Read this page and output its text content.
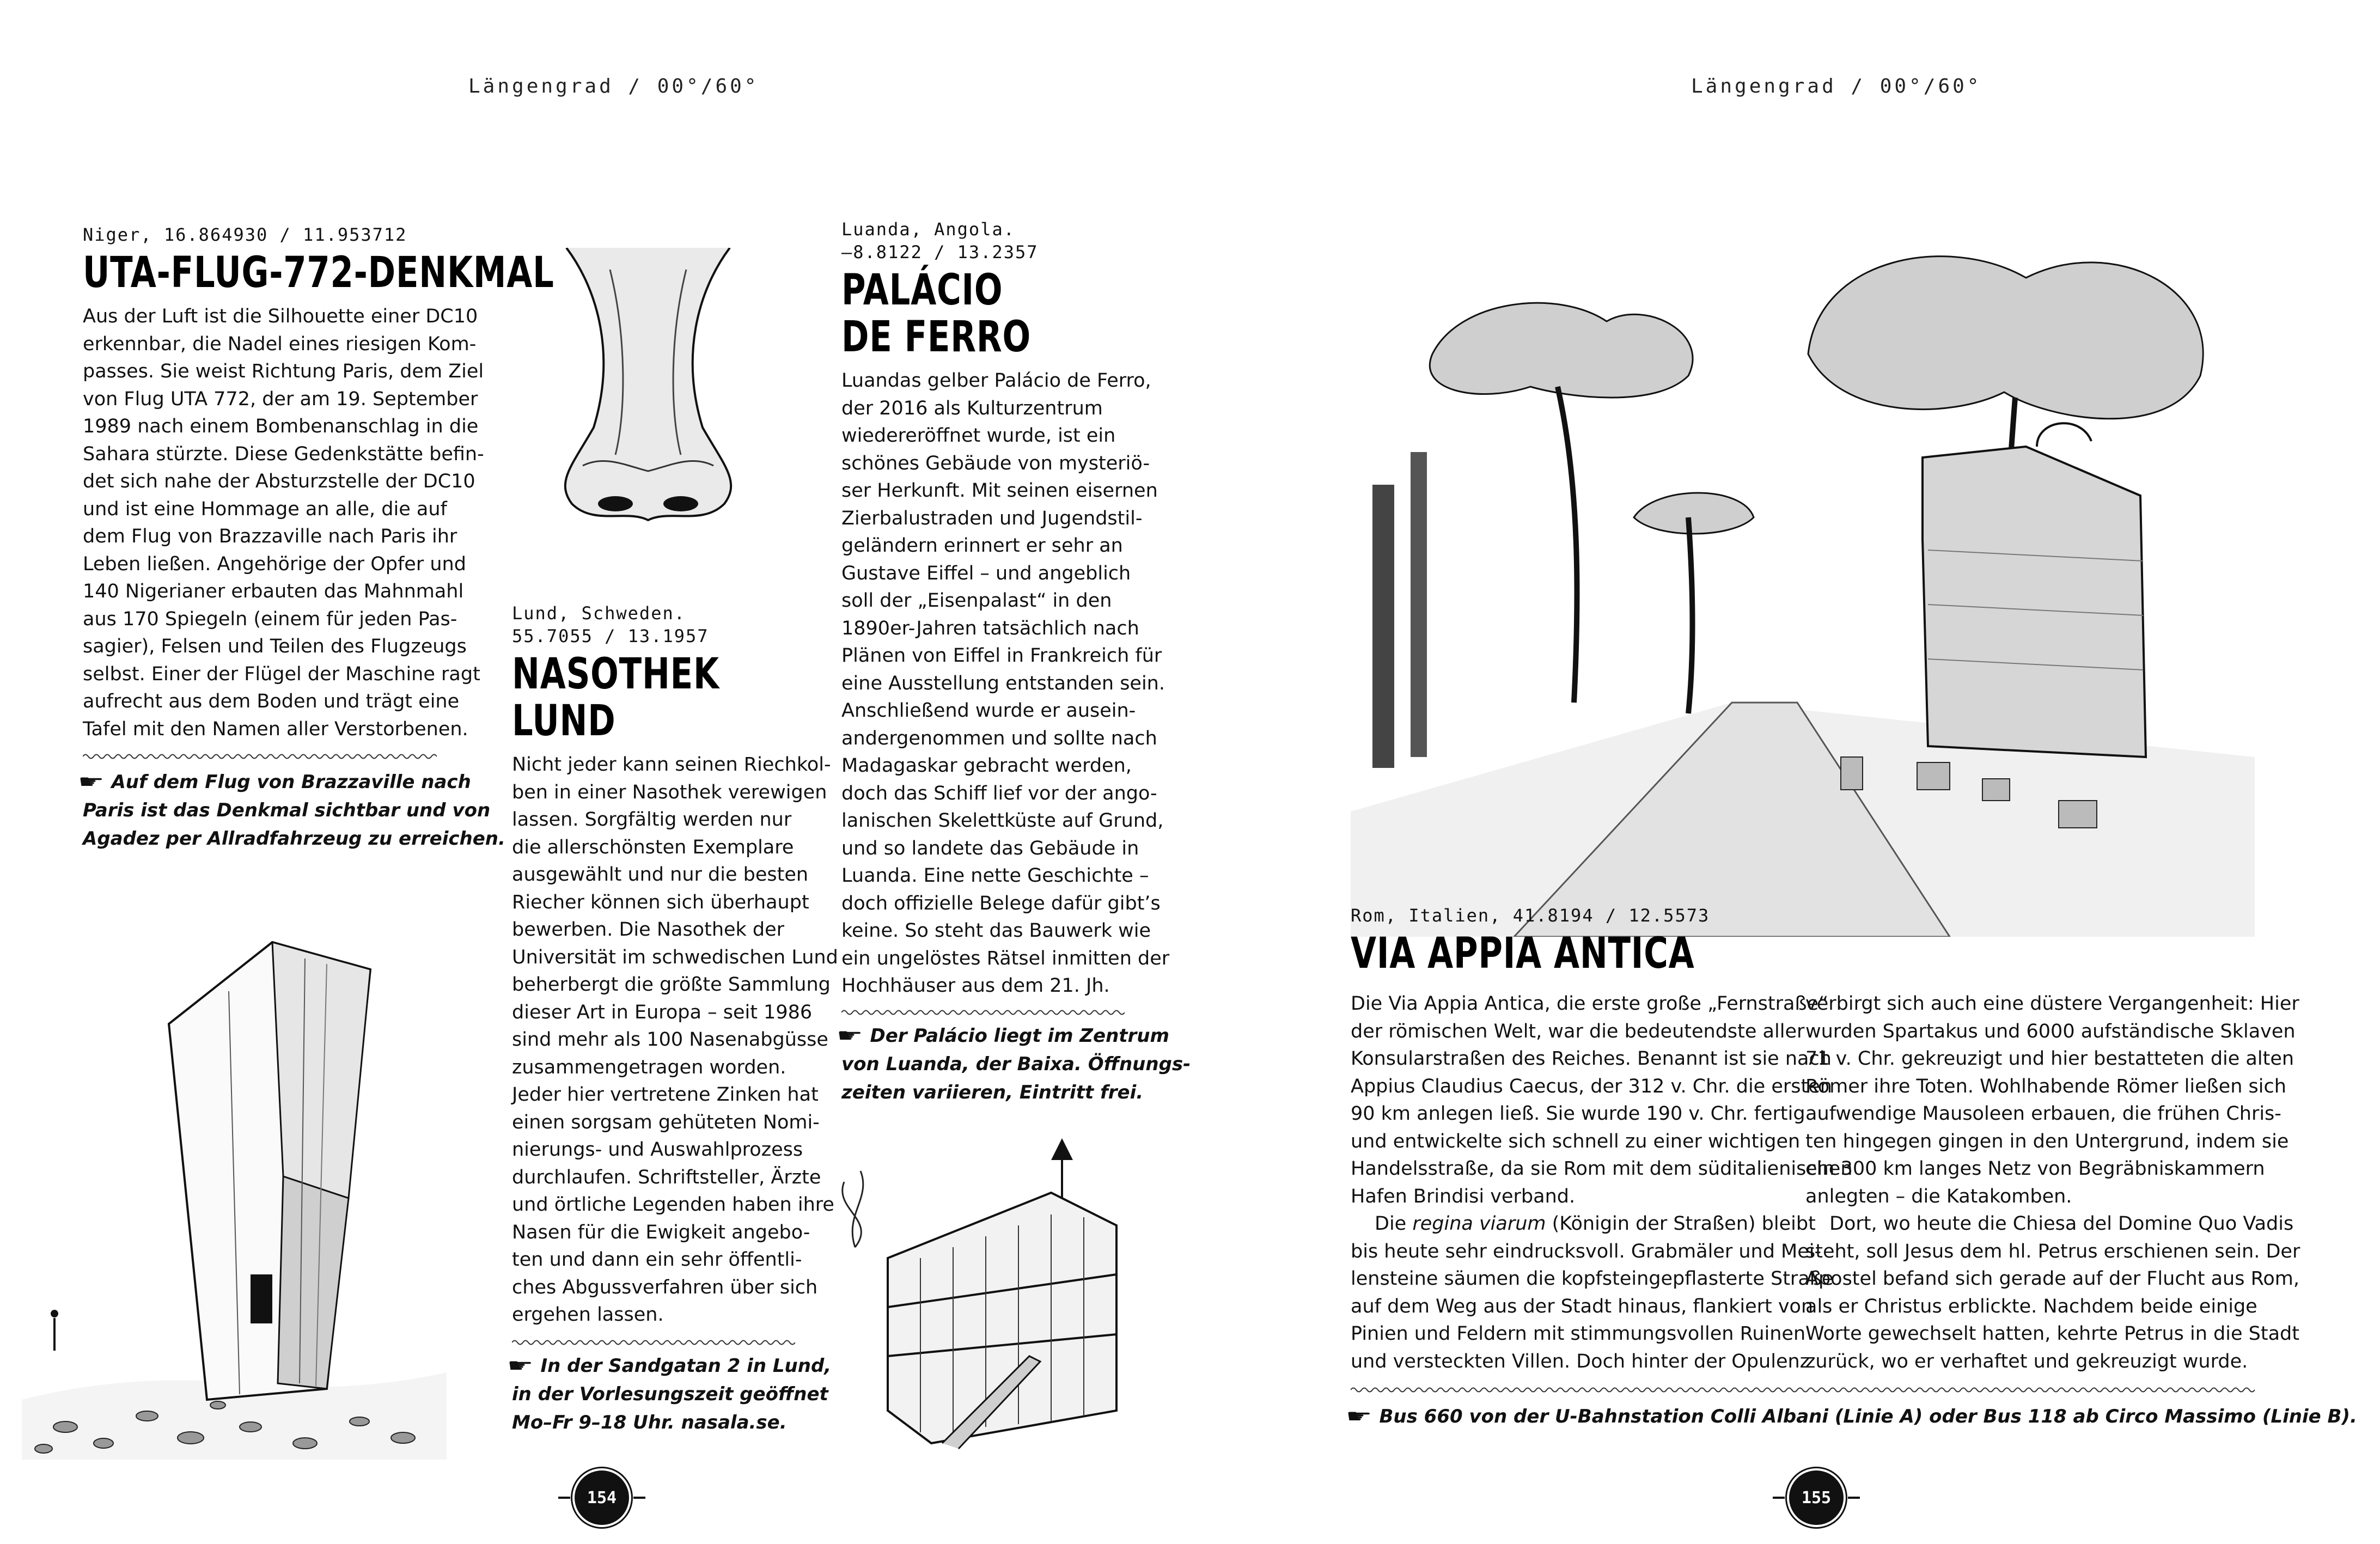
Längengrad / 00°/60°	Längengrad / 00°/60°
Niger, 16.864930 / 11.953712
UTA-FLUG-772-DENKMAL
Aus der Luft ist die Silhouette einer DC10
erkennbar, die Nadel eines riesigen Kom-
passes. Sie weist Richtung Paris, dem Ziel
von Flug UTA 772, der am 19. September
1989 nach einem Bombenanschlag in die
Sahara stürzte. Diese Gedenkstätte befin-
det sich nahe der Absturzstelle der DC10
und ist eine Hommage an alle, die auf
dem Flug von Brazzaville nach Paris ihr
Leben ließen. Angehörige der Opfer und
140 Nigerianer erbauten das Mahnmahl
aus 170 Spiegeln (einem für jeden Pas-
sagier), Felsen und Teilen des Flugzeugs
selbst. Einer der Flügel der Maschine ragt
aufrecht aus dem Boden und trägt eine
Tafel mit den Namen aller Verstorbenen.
☛ Auf dem Flug von Brazzaville nach
Paris ist das Denkmal sichtbar und von
Agadez per Allradfahrzeug zu erreichen.
Lund, Schweden.
55.7055 / 13.1957
NASOTHEK
LUND
Nicht jeder kann seinen Riechkol-
ben in einer Nasothek verewigen
lassen. Sorgfältig werden nur
die allerschönsten Exemplare
ausgewählt und nur die besten
Riecher können sich überhaupt
bewerben. Die Nasothek der
Universität im schwedischen Lund
beherbergt die größte Sammlung
dieser Art in Europa – seit 1986
sind mehr als 100 Nasenabgüsse
zusammengetragen worden.
Jeder hier vertretene Zinken hat
einen sorgsam gehüteten Nomi-
nierungs- und Auswahlprozess
durchlaufen. Schriftsteller, Ärzte
und örtliche Legenden haben ihre
Nasen für die Ewigkeit angebo-
ten und dann ein sehr öffentli-
ches Abgussverfahren über sich
ergehen lassen.
☛ In der Sandgatan 2 in Lund,
in der Vorlesungszeit geöffnet
Mo–Fr 9–18 Uhr. nasala.se.
Luanda, Angola.
–8.8122 / 13.2357
PALÁCIO
DE FERRO
Luandas gelber Palácio de Ferro,
der 2016 als Kulturzentrum
wiedereröffnet wurde, ist ein
schönes Gebäude von mysteriö-
ser Herkunft. Mit seinen eisernen
Zierbalustraden und Jugendstil-
geländern erinnert er sehr an
Gustave Eiffel – und angeblich
soll der „Eisenpalast“ in den
1890er-Jahren tatsächlich nach
Plänen von Eiffel in Frankreich für
eine Ausstellung entstanden sein.
Anschließend wurde er ausein-
andergenommen und sollte nach
Madagaskar gebracht werden,
doch das Schiff lief vor der ango-
lanischen Skelettküste auf Grund,
und so landete das Gebäude in
Luanda. Eine nette Geschichte –
doch offizielle Belege dafür gibt’s
keine. So steht das Bauwerk wie
ein ungelöstes Rätsel inmitten der
Hochhäuser aus dem 21. Jh.
☛ Der Palácio liegt im Zentrum
von Luanda, der Baixa. Öffnungs-
zeiten variieren, Eintritt frei.
Rom, Italien, 41.8194 / 12.5573
VIA APPIA ANTICA
Die Via Appia Antica, die erste große „Fernstraße“
der römischen Welt, war die bedeutendste aller
Konsularstraßen des Reiches. Benannt ist sie nach
Appius Claudius Caecus, der 312 v. Chr. die ersten
90 km anlegen ließ. Sie wurde 190 v. Chr. fertig
und entwickelte sich schnell zu einer wichtigen
Handelsstraße, da sie Rom mit dem süditalienischen
Hafen Brindisi verband.
Die regina viarum (Königin der Straßen) bleibt
bis heute sehr eindrucksvoll. Grabmäler und Mei-
lensteine säumen die kopfsteingepflasterte Straße
auf dem Weg aus der Stadt hinaus, flankiert von
Pinien und Feldern mit stimmungsvollen Ruinen
und versteckten Villen. Doch hinter der Opulenz
verbirgt sich auch eine düstere Vergangenheit: Hier
wurden Spartakus und 6000 aufständische Sklaven
71 v. Chr. gekreuzigt und hier bestatteten die alten
Römer ihre Toten. Wohlhabende Römer ließen sich
aufwendige Mausoleen erbauen, die frühen Chris-
ten hingegen gingen in den Untergrund, indem sie
ein 300 km langes Netz von Begräbniskammern
anlegten – die Katakomben.
Dort, wo heute die Chiesa del Domine Quo Vadis
steht, soll Jesus dem hl. Petrus erschienen sein. Der
Apostel befand sich gerade auf der Flucht aus Rom,
als er Christus erblickte. Nachdem beide einige
Worte gewechselt hatten, kehrte Petrus in die Stadt
zurück, wo er verhaftet und gekreuzigt wurde.
☛ Bus 660 von der U-Bahnstation Colli Albani (Linie A) oder Bus 118 ab Circo Massimo (Linie B).
154	155
